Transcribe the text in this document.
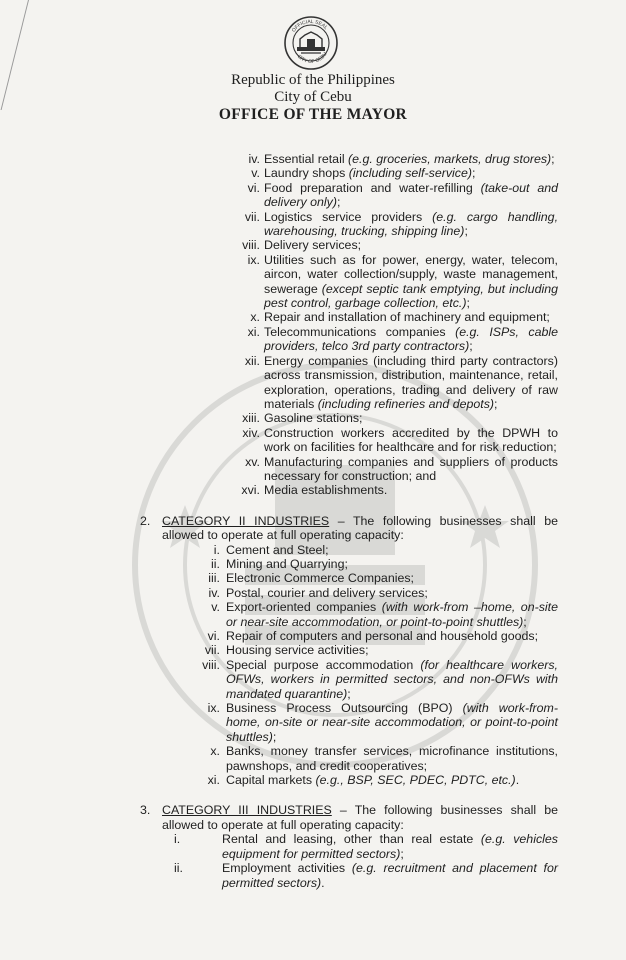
OFFICIAL SEAL
CITY OF CEBU
Republic of the Philippines
City of Cebu
OFFICE OF THE MAYOR
iv. Essential retail (e.g. groceries, markets, drug stores);
v. Laundry shops (including self-service);
vi. Food preparation and water-refilling (take-out and delivery only);
vii. Logistics service providers (e.g. cargo handling, warehousing, trucking, shipping line);
viii. Delivery services;
ix. Utilities such as for power, energy, water, telecom, aircon, water collection/supply, waste management, sewerage (except septic tank emptying, but including pest control, garbage collection, etc.);
x. Repair and installation of machinery and equipment;
xi. Telecommunications companies (e.g. ISPs, cable providers, telco 3rd party contractors);
xii. Energy companies (including third party contractors) across transmission, distribution, maintenance, retail, exploration, operations, trading and delivery of raw materials (including refineries and depots);
xiii. Gasoline stations;
xiv. Construction workers accredited by the DPWH to work on facilities for healthcare and for risk reduction;
xv. Manufacturing companies and suppliers of products necessary for construction; and
xvi. Media establishments.
2. CATEGORY II INDUSTRIES – The following businesses shall be allowed to operate at full operating capacity:
i. Cement and Steel;
ii. Mining and Quarrying;
iii. Electronic Commerce Companies;
iv. Postal, courier and delivery services;
v. Export-oriented companies (with work-from –home, on-site or near-site accommodation, or point-to-point shuttles);
vi. Repair of computers and personal and household goods;
vii. Housing service activities;
viii. Special purpose accommodation (for healthcare workers, OFWs, workers in permitted sectors, and non-OFWs with mandated quarantine);
ix. Business Process Outsourcing (BPO) (with work-from-home, on-site or near-site accommodation, or point-to-point shuttles);
x. Banks, money transfer services, microfinance institutions, pawnshops, and credit cooperatives;
xi. Capital markets (e.g., BSP, SEC, PDEC, PDTC, etc.).
3. CATEGORY III INDUSTRIES – The following businesses shall be allowed to operate at full operating capacity:
i.	Rental and leasing, other than real estate (e.g. vehicles equipment for permitted sectors);
ii.	Employment activities (e.g. recruitment and placement for permitted sectors).
